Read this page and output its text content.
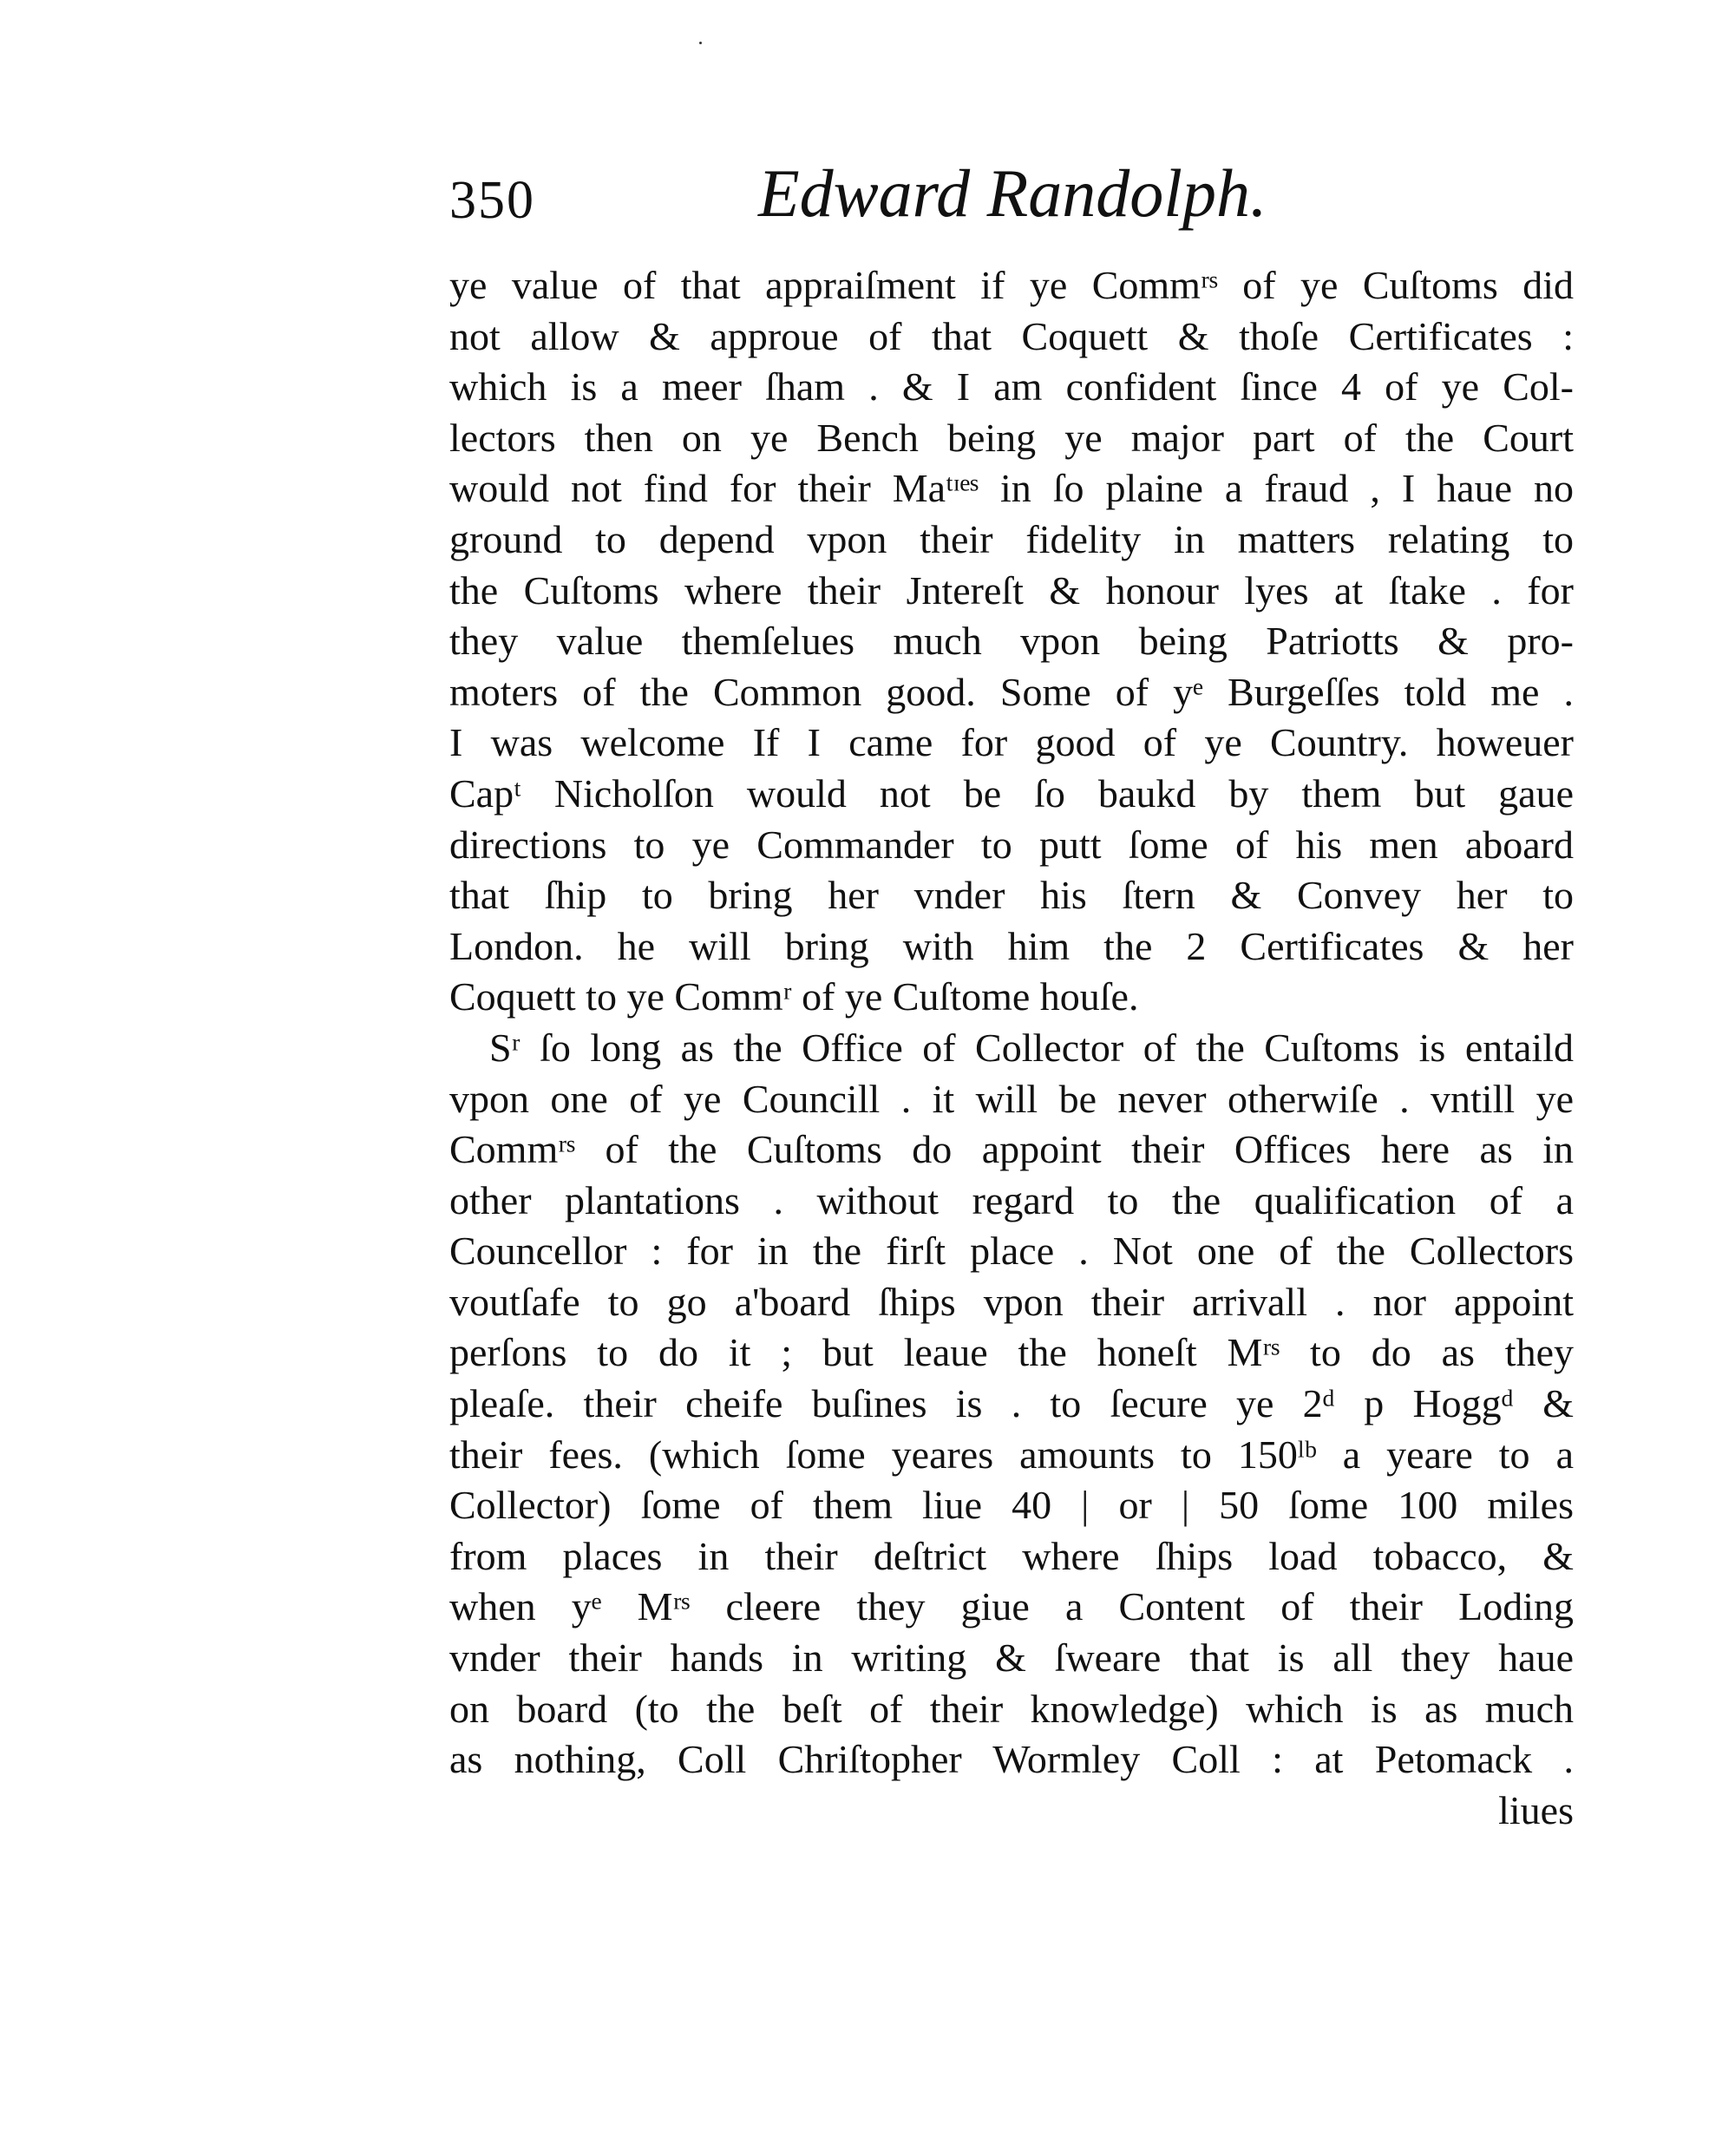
350	Edward Randolph.
ye value of that appraiſment if ye Commʳˢ of ye Cuſtoms did
not allow & approue of that Coquett & thoſe Certificates :
which is a meer ſham . & I am confident ſince 4 of ye Col-
lectors then on ye Bench being ye major part of the Court
would not find for their Maᵗᶦᵉˢ in ſo plaine a fraud , I haue no
ground to depend vpon their fidelity in matters relating to
the Cuſtoms where their Jntereſt & honour lyes at ſtake . for
they value themſelues much vpon being Patriotts & pro-
moters of the Common good. Some of yᵉ Burgeſſes told me .
I was welcome If I came for good of ye Country. howeuer
Capᵗ Nicholſon would not be ſo baukd by them but gaue
directions to ye Commander to putt ſome of his men aboard
that ſhip to bring her vnder his ſtern & Convey her to
London. he will bring with him the 2 Certificates & her
Coquett to ye Commʳ of ye Cuſtome houſe.
Sʳ ſo long as the Office of Collector of the Cuſtoms is entaild
vpon one of ye Councill . it will be never otherwiſe . vntill ye
Commʳˢ of the Cuſtoms do appoint their Offices here as in
other plantations . without regard to the qualification of a
Councellor : for in the firſt place . Not one of the Collectors
voutſafe to go a'board ſhips vpon their arrivall . nor appoint
perſons to do it ; but leaue the honeſt Mʳˢ to do as they
pleaſe. their cheife buſines is . to ſecure ye 2ᵈ p Hoggᵈ &
their fees. (which ſome yeares amounts to 150ˡᵇ a yeare to a
Collector) ſome of them liue 40 | or | 50 ſome 100 miles
from places in their deſtrict where ſhips load tobacco, &
when yᵉ Mʳˢ cleere they giue a Content of their Loding
vnder their hands in writing & ſweare that is all they haue
on board (to the beſt of their knowledge) which is as much
as nothing, Coll Chriſtopher Wormley Coll : at Petomack .
liues
